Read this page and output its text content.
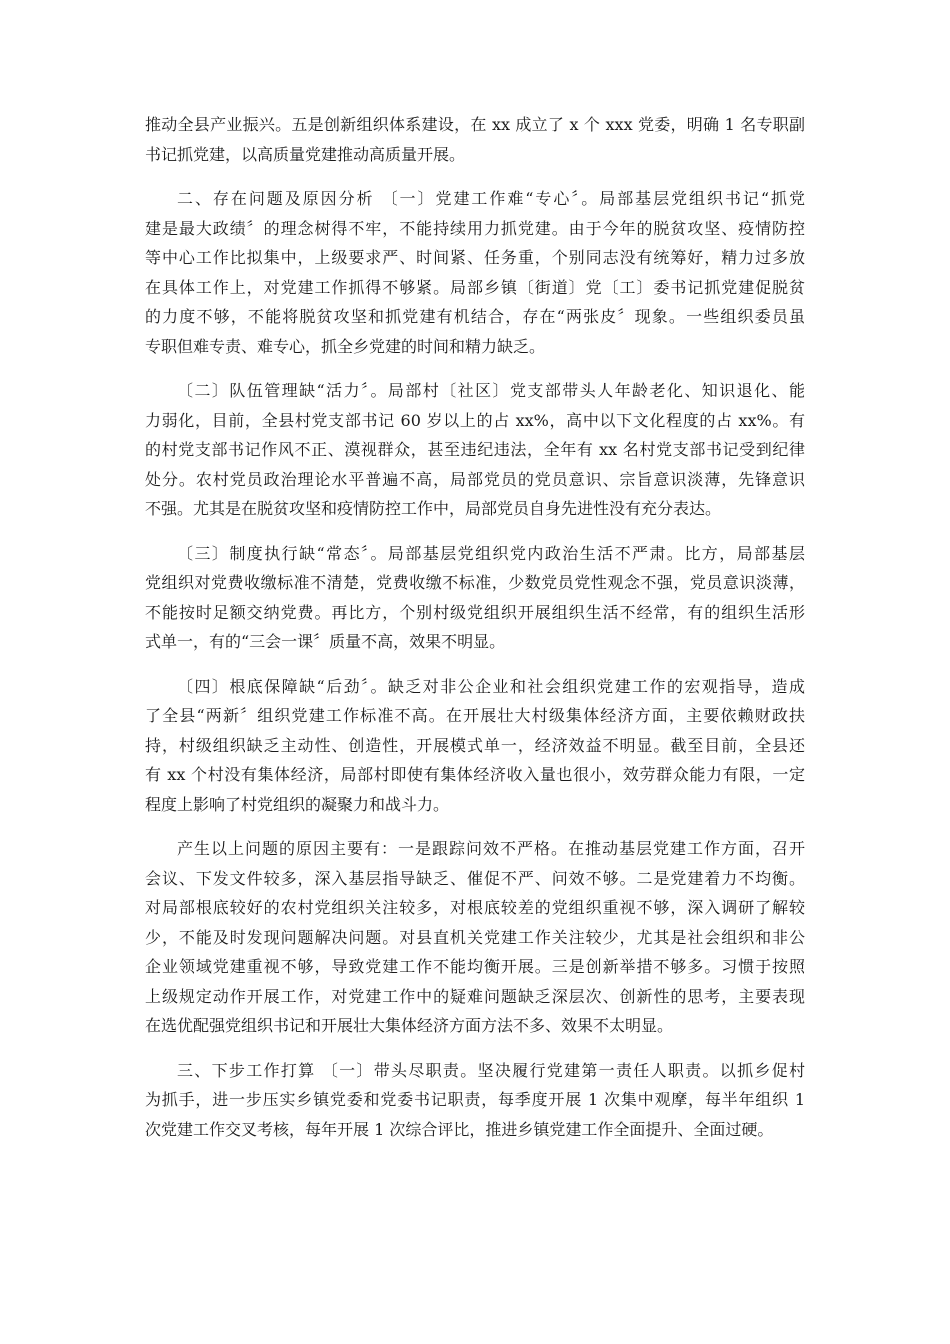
推动全县产业振兴。五是创新组织体系建设，在 xx 成立了 x 个 xxx 党委，明确 1 名专职副
书记抓党建，以高质量党建推动高质量开展。
二、存在问题及原因分析 〔一〕党建工作难“专心〞。局部基层党组织书记“抓党
建是最大政绩〞的理念树得不牢，不能持续用力抓党建。由于今年的脱贫攻坚、疫情防控
等中心工作比拟集中，上级要求严、时间紧、任务重，个别同志没有统筹好，精力过多放
在具体工作上，对党建工作抓得不够紧。局部乡镇〔街道〕党〔工〕委书记抓党建促脱贫
的力度不够，不能将脱贫攻坚和抓党建有机结合，存在“两张皮〞现象。一些组织委员虽
专职但难专责、难专心，抓全乡党建的时间和精力缺乏。
〔二〕队伍管理缺“活力〞。局部村〔社区〕党支部带头人年龄老化、知识退化、能
力弱化，目前，全县村党支部书记 60 岁以上的占 xx%，高中以下文化程度的占 xx%。有
的村党支部书记作风不正、漠视群众，甚至违纪违法，全年有 xx 名村党支部书记受到纪律
处分。农村党员政治理论水平普遍不高，局部党员的党员意识、宗旨意识淡薄，先锋意识
不强。尤其是在脱贫攻坚和疫情防控工作中，局部党员自身先进性没有充分表达。
〔三〕制度执行缺“常态〞。局部基层党组织党内政治生活不严肃。比方，局部基层
党组织对党费收缴标准不清楚，党费收缴不标准，少数党员党性观念不强，党员意识淡薄，
不能按时足额交纳党费。再比方，个别村级党组织开展组织生活不经常，有的组织生活形
式单一，有的“三会一课〞质量不高，效果不明显。
〔四〕根底保障缺“后劲〞。缺乏对非公企业和社会组织党建工作的宏观指导，造成
了全县“两新〞组织党建工作标准不高。在开展壮大村级集体经济方面，主要依赖财政扶
持，村级组织缺乏主动性、创造性，开展模式单一，经济效益不明显。截至目前，全县还
有 xx 个村没有集体经济，局部村即使有集体经济收入量也很小，效劳群众能力有限，一定
程度上影响了村党组织的凝聚力和战斗力。
产生以上问题的原因主要有：一是跟踪问效不严格。在推动基层党建工作方面，召开
会议、下发文件较多，深入基层指导缺乏、催促不严、问效不够。二是党建着力不均衡。
对局部根底较好的农村党组织关注较多，对根底较差的党组织重视不够，深入调研了解较
少，不能及时发现问题解决问题。对县直机关党建工作关注较少，尤其是社会组织和非公
企业领域党建重视不够，导致党建工作不能均衡开展。三是创新举措不够多。习惯于按照
上级规定动作开展工作，对党建工作中的疑难问题缺乏深层次、创新性的思考，主要表现
在选优配强党组织书记和开展壮大集体经济方面方法不多、效果不太明显。
三、下步工作打算 〔一〕带头尽职责。坚决履行党建第一责任人职责。以抓乡促村
为抓手，进一步压实乡镇党委和党委书记职责，每季度开展 1 次集中观摩，每半年组织 1
次党建工作交叉考核，每年开展 1 次综合评比，推进乡镇党建工作全面提升、全面过硬。
